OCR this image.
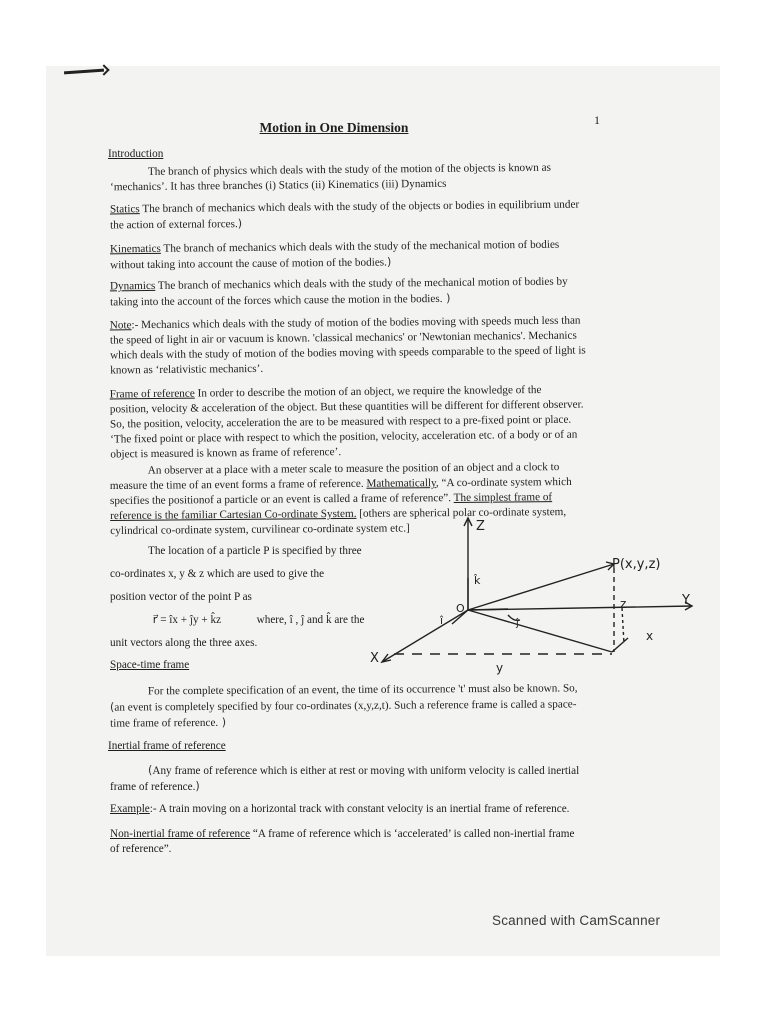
1
Motion in One Dimension
Introduction
The branch of physics which deals with the study of the motion of the objects is known as
‘mechanics’. It has three branches (i) Statics (ii) Kinematics (iii) Dynamics
Statics The branch of mechanics which deals with the study of the objects or bodies in equilibrium under
the action of external forces.)
Kinematics The branch of mechanics which deals with the study of the mechanical motion of bodies
without taking into account the cause of motion of the bodies.)
Dynamics The branch of mechanics which deals with the study of the mechanical motion of bodies by
taking into the account of the forces which cause the motion in the bodies. )
Note:- Mechanics which deals with the study of motion of the bodies moving with speeds much less than
the speed of light in air or vacuum is known. 'classical mechanics' or 'Newtonian mechanics'. Mechanics
which deals with the study of motion of the bodies moving with speeds comparable to the speed of light is
known as ‘relativistic mechanics’.
Frame of reference In order to describe the motion of an object, we require the knowledge of the
position, velocity & acceleration of the object. But these quantities will be different for different observer.
So, the position, velocity, acceleration the are to be measured with respect to a pre-fixed point or place.
‘The fixed point or place with respect to which the position, velocity, acceleration etc. of a body or of an
object is measured is known as frame of reference’.
An observer at a place with a meter scale to measure the position of an object and a clock to
measure the time of an event forms a frame of reference. Mathematically, “A co-ordinate system which
specifies the positionof a particle or an event is called a frame of reference”. The simplest frame of
reference is the familiar Cartesian Co-ordinate System. [others are spherical polar co-ordinate system,
cylindrical co-ordinate system, curvilinear co-ordinate system etc.]
The location of a particle P is specified by three
co-ordinates x, y & z which are used to give the
position vector of the point P as
r⃗ = îx + ĵy + k̂z	where, î , ĵ and k̂ are the
unit vectors along the three axes.
Z
Y
X
O
P(x,y,z)
k̂
î	ĵ
z
x
y
Space-time frame
For the complete specification of an event, the time of its occurrence 't' must also be known. So,
(an event is completely specified by four co-ordinates (x,y,z,t). Such a reference frame is called a space-
time frame of reference. )
Inertial frame of reference
(Any frame of reference which is either at rest or moving with uniform velocity is called inertial
frame of reference.)
Example:- A train moving on a horizontal track with constant velocity is an inertial frame of reference.
Non-inertial frame of reference “A frame of reference which is ‘accelerated’ is called non-inertial frame
of reference”.
Scanned with CamScanner
